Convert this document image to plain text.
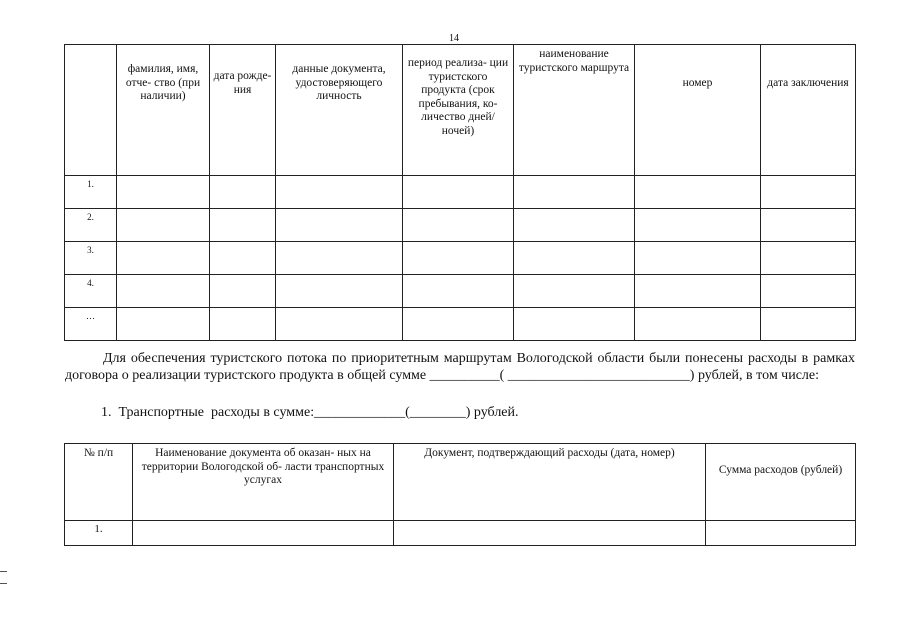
14

	фамилия, имя, отче- ство (при наличии)	дата рожде- ния	данные документа, удостоверяющего личность	период реализа- ции туристского продукта (срок пребывания, ко- личество дней/ночей)	наименование туристского маршрута	номер	дата заключения

1.							
2.							
3.							
4.							
…							

Для обеспечения туристского потока по приоритетным маршрутам Вологодской области были понесены расходы в рамках договора о реализации туристского продукта в общей сумме __________( __________________________) рублей, в том числе:

1.  Транспортные  расходы в сумме:_____________(________) рублей.

№ п/п	Наименование документа об оказан- ных на территории Вологодской об- ласти транспортных услугах	Документ, подтверждающий расходы (дата, номер)	Сумма расходов (рублей)

1.			
